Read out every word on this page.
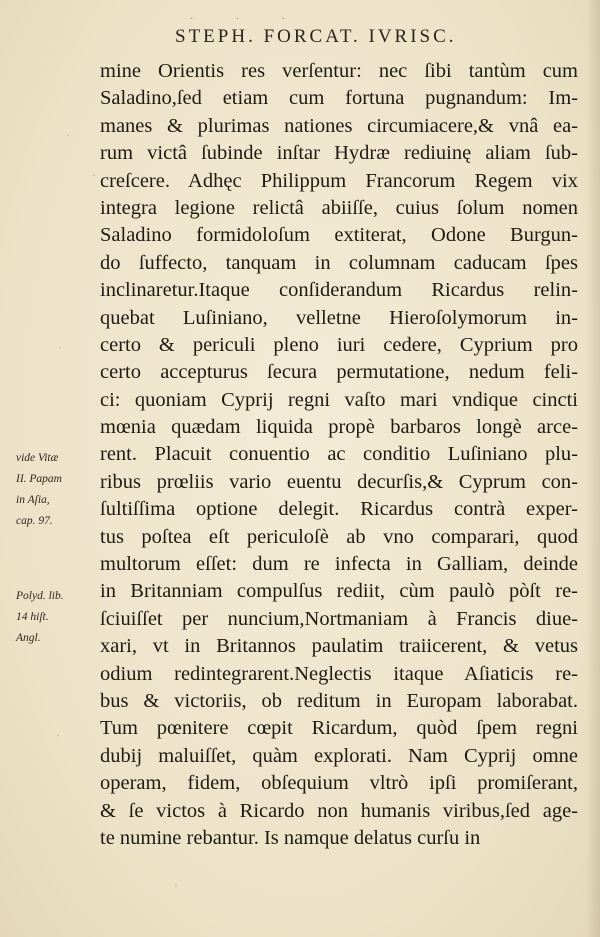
· · ·
STEPH. FORCAT. IVRISC.
mine Orientis res verſentur: nec ſibi tantùm cum
Saladino,ſed etiam cum fortuna pugnandum: Im-
manes & plurimas nationes circumiacere,& vnâ ea-
rum victâ ſubinde inſtar Hydræ rediuinę aliam ſub-
creſcere. Adhęc Philippum Francorum Regem vix
integra legione relictâ abiiſſe, cuius ſolum nomen
Saladino formidoloſum extiterat, Odone Burgun-
do ſuffecto, tanquam in columnam caducam ſpes
inclinaretur.Itaque conſiderandum Ricardus relin-
quebat Luſiniano, velletne Hieroſolymorum in-
certo & periculi pleno iuri cedere, Cyprium pro
certo accepturus ſecura permutatione, nedum feli-
ci: quoniam Cyprij regni vaſto mari vndique cincti
mœnia quædam liquida propè barbaros longè arce-
rent. Placuit conuentio ac conditio Luſiniano plu-
ribus prœliis vario euentu decurſis,& Cyprum con-
ſultiſſima optione delegit. Ricardus contrà exper-
tus poſtea eſt periculoſè ab vno comparari, quod
multorum eſſet: dum re infecta in Galliam, deinde
in Britanniam compulſus rediit, cùm paulò pòſt re-
ſciuiſſet per nuncium,Nortmaniam à Francis diue-
xari, vt in Britannos paulatim traiicerent, & vetus
odium redintegrarent.Neglectis itaque Aſiaticis re-
bus & victoriis, ob reditum in Europam laborabat.
Tum pœnitere cœpit Ricardum, quòd ſpem regni
dubij maluiſſet, quàm explorati. Nam Cyprij omne
operam, fidem, obſequium vltrò ipſi promiſerant,
& ſe victos à Ricardo non humanis viribus,ſed age-
te numine rebantur. Is namque delatus curſu in
vide Vitæ
II. Papam
in Aſia,
cap. 97.
Polyd. lib.
14 hiſt.
Angl.
·
·
·
·
·
